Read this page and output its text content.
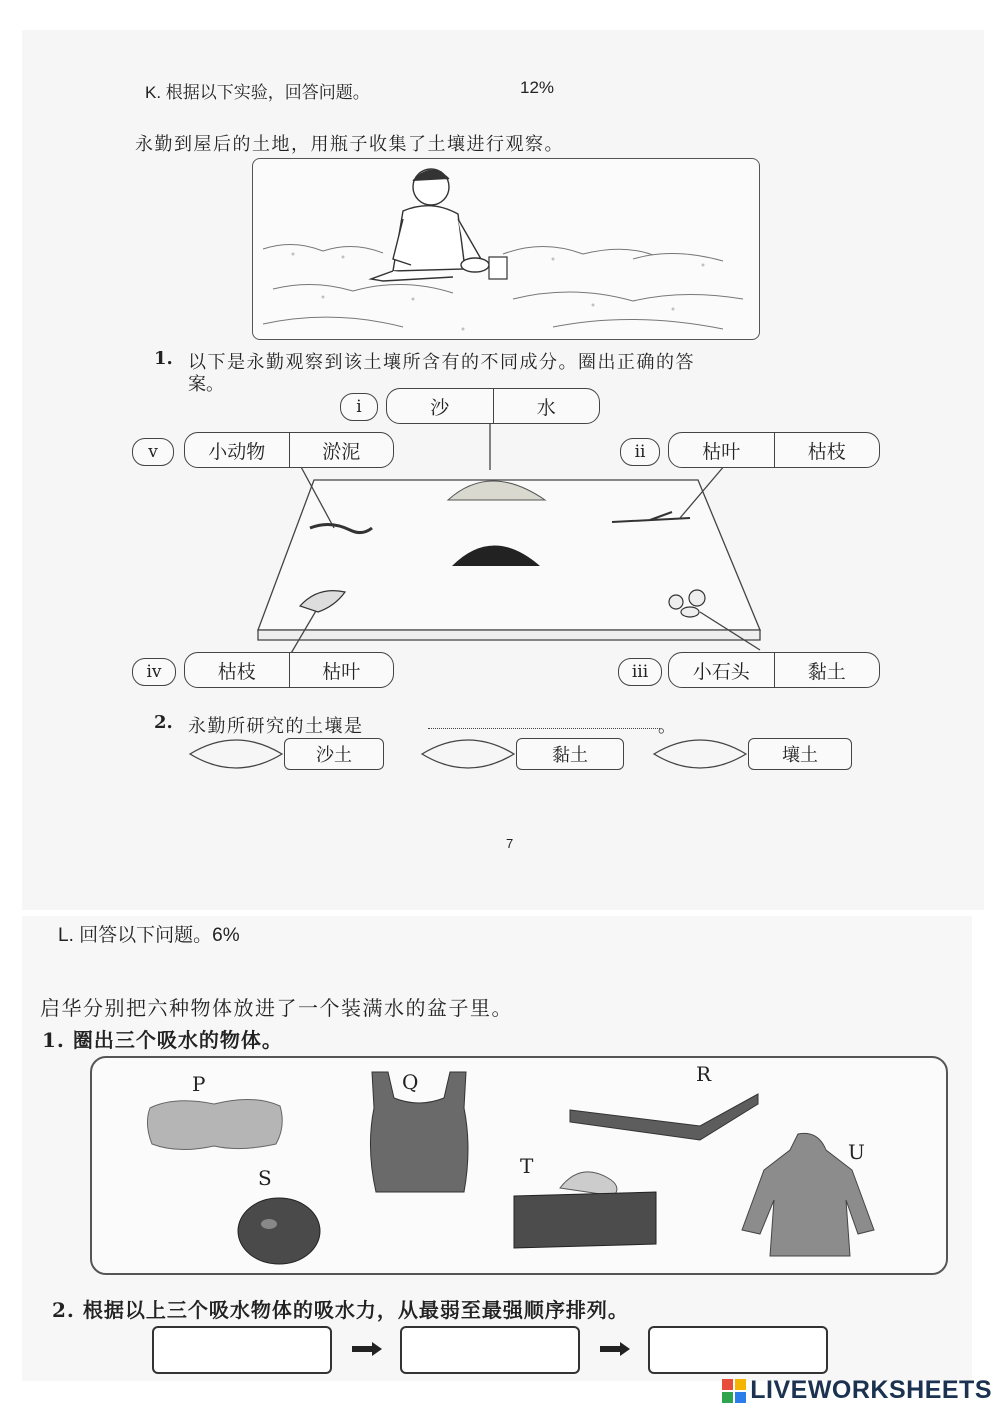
K. 根据以下实验，回答问题。	12%
永勤到屋后的土地，用瓶子收集了土壤进行观察。
1. 以下是永勤观察到该土壤所含有的不同成分。圈出正确的答
案。
i	沙	水
v	小动物	淤泥	ii	枯叶	枯枝
iv	枯枝	枯叶	iii	小石头	黏土
2. 永勤所研究的土壤是	。
沙土	黏土	壤土
7
L. 回答以下问题。6%
启华分别把六种物体放进了一个装满水的盆子里。
1. 圈出三个吸水的物体。
P	Q	R
S	T
U
2. 根据以上三个吸水物体的吸水力，从最弱至最强顺序排列。
LIVEWORKSHEETS
